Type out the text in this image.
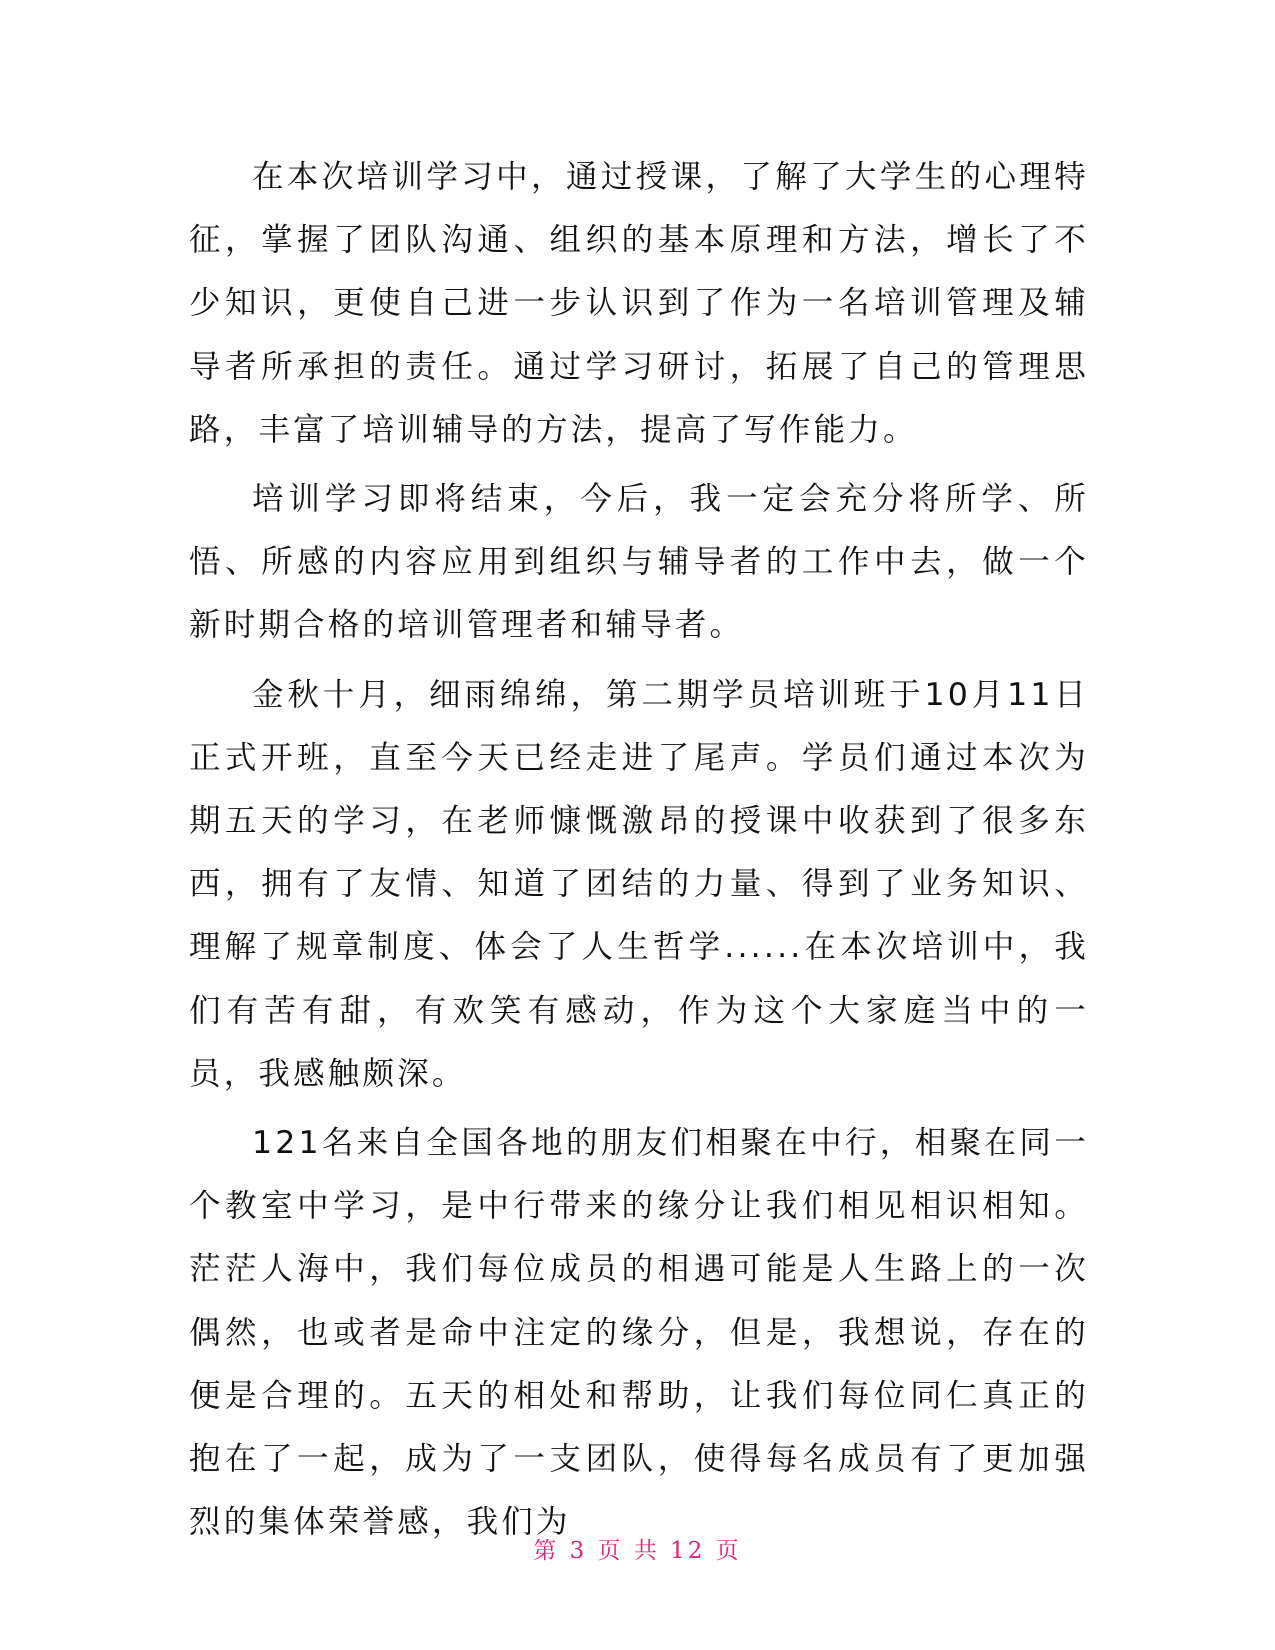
在本次培训学习中，通过授课，了解了大学生的心理特征，掌握了团队沟通、组织的基本原理和方法，增长了不少知识，更使自己进一步认识到了作为一名培训管理及辅导者所承担的责任。通过学习研讨，拓展了自己的管理思路，丰富了培训辅导的方法，提高了写作能力。

培训学习即将结束，今后，我一定会充分将所学、所悟、所感的内容应用到组织与辅导者的工作中去，做一个新时期合格的培训管理者和辅导者。

金秋十月，细雨绵绵，第二期学员培训班于10月11日正式开班，直至今天已经走进了尾声。学员们通过本次为期五天的学习，在老师慷慨激昂的授课中收获到了很多东西，拥有了友情、知道了团结的力量、得到了业务知识、理解了规章制度、体会了人生哲学......在本次培训中，我们有苦有甜，有欢笑有感动，作为这个大家庭当中的一员，我感触颇深。

121名来自全国各地的朋友们相聚在中行，相聚在同一个教室中学习，是中行带来的缘分让我们相见相识相知。茫茫人海中，我们每位成员的相遇可能是人生路上的一次偶然，也或者是命中注定的缘分，但是，我想说，存在的便是合理的。五天的相处和帮助，让我们每位同仁真正的抱在了一起，成为了一支团队，使得每名成员有了更加强烈的集体荣誉感，我们为

第 3 页 共 12 页
